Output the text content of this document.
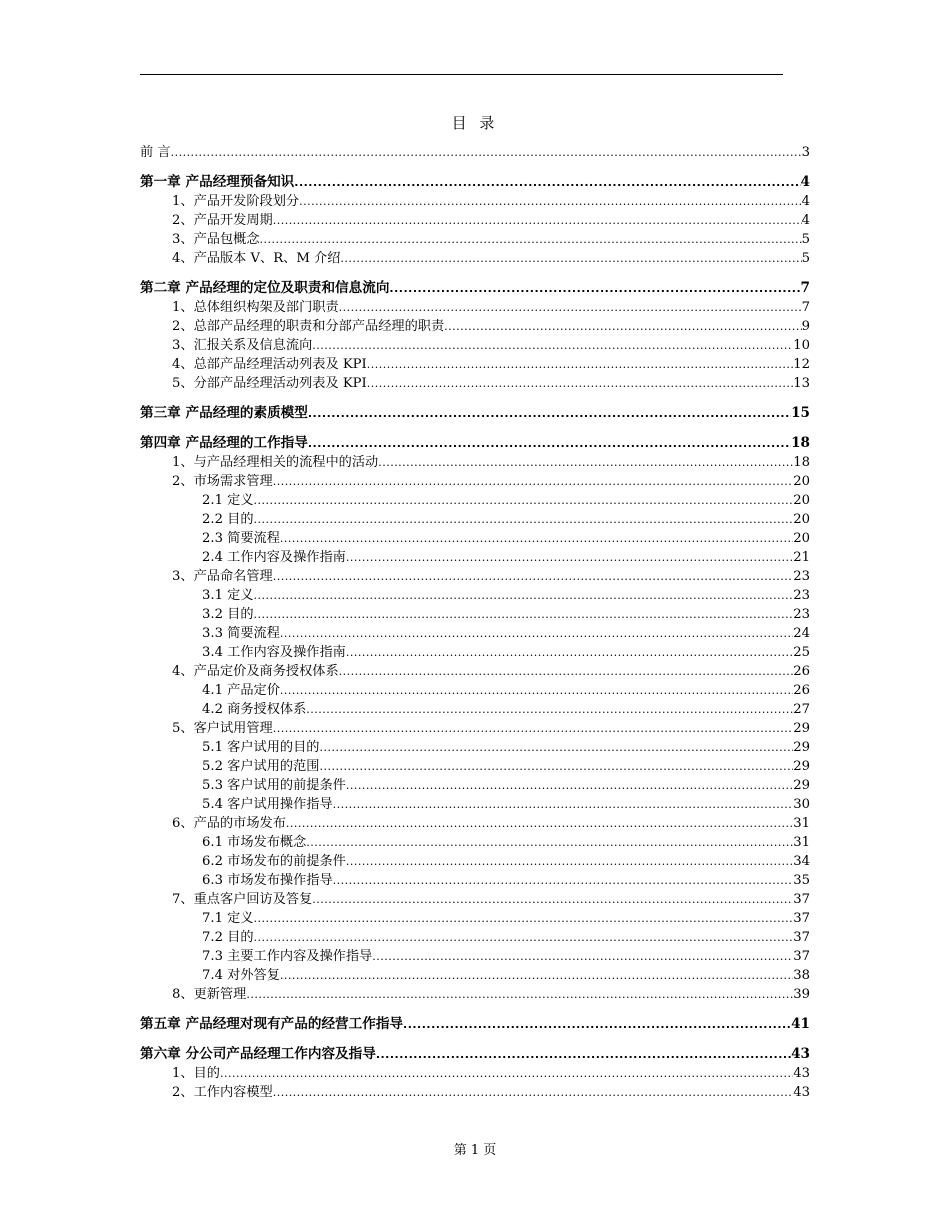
目 录
前 言 .....	3
第一章 产品经理预备知识 .....	4
1、产品开发阶段划分 .....	4
2、产品开发周期 .....	4
3、产品包概念 .....	5
4、产品版本 V、R、M 介绍 .....	5
第二章 产品经理的定位及职责和信息流向 .....	7
1、总体组织构架及部门职责 .....	7
2、总部产品经理的职责和分部产品经理的职责 .....	9
3、汇报关系及信息流向 .....	10
4、总部产品经理活动列表及 KPI .....	12
5、分部产品经理活动列表及 KPI .....	13
第三章 产品经理的素质模型 .....	15
第四章 产品经理的工作指导 .....	18
1、与产品经理相关的流程中的活动 .....	18
2、市场需求管理 .....	20
2.1 定义 .....	20
2.2 目的 .....	20
2.3 简要流程 .....	20
2.4 工作内容及操作指南 .....	21
3、产品命名管理 .....	23
3.1 定义 .....	23
3.2 目的 .....	23
3.3 简要流程 .....	24
3.4 工作内容及操作指南 .....	25
4、产品定价及商务授权体系 .....	26
4.1 产品定价 .....	26
4.2 商务授权体系 .....	27
5、客户试用管理 .....	29
5.1 客户试用的目的 .....	29
5.2 客户试用的范围 .....	29
5.3 客户试用的前提条件 .....	29
5.4 客户试用操作指导 .....	30
6、产品的市场发布 .....	31
6.1 市场发布概念 .....	31
6.2 市场发布的前提条件 .....	34
6.3 市场发布操作指导 .....	35
7、重点客户回访及答复 .....	37
7.1 定义 .....	37
7.2 目的 .....	37
7.3 主要工作内容及操作指导 .....	37
7.4 对外答复 .....	38
8、更新管理 .....	39
第五章 产品经理对现有产品的经营工作指导 .....	41
第六章 分公司产品经理工作内容及指导 .....	43
1、目的 .....	43
2、工作内容模型 .....	43
第 1 页
